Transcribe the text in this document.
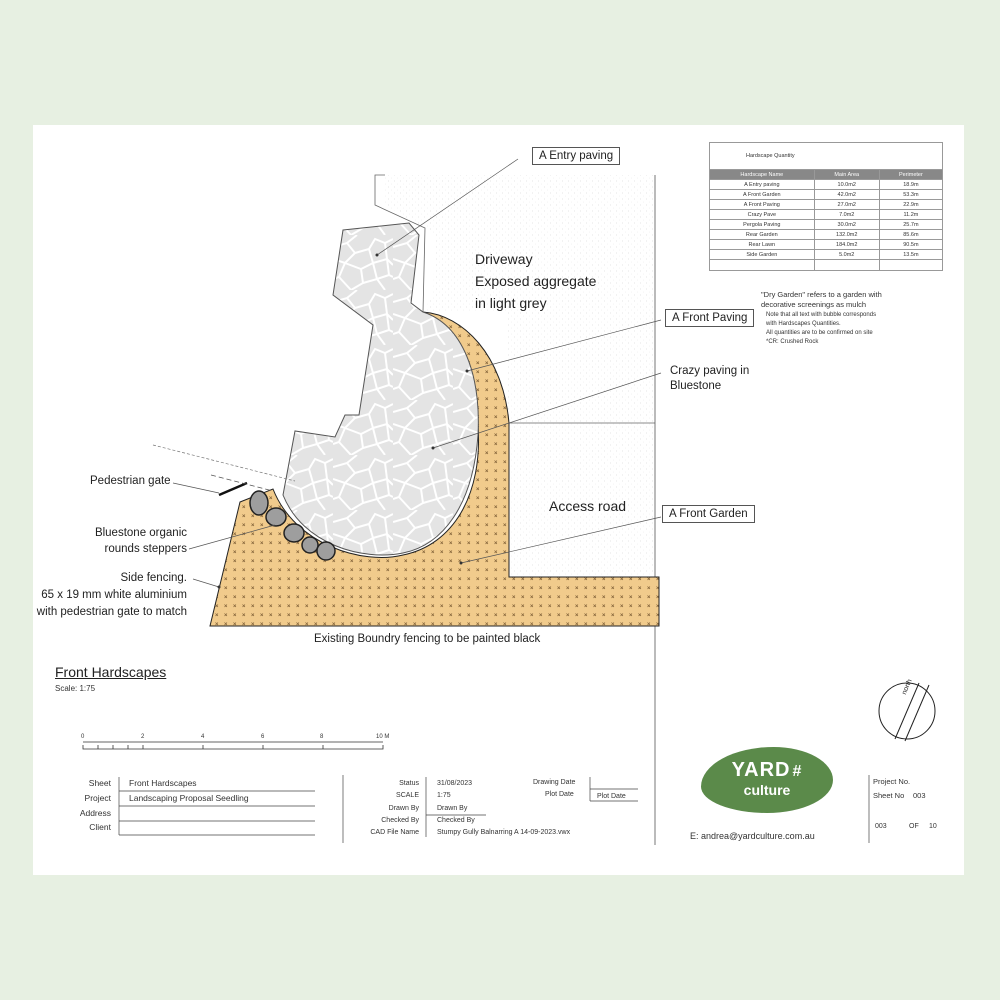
A Entry paving
Driveway
Exposed aggregate
in light grey
A Front Paving
Crazy paving in
Bluestone
Access road	A Front Garden
Pedestrian gate
Bluestone organic
rounds steppers
Side fencing.
65 x 19 mm white aluminium
with pedestrian gate to match
Existing Boundry fencing to be painted black
Front Hardscapes
Scale: 1:75
0	2	4	6	8	10 M
Hardscape Quantity		
Hardscape Name	Main Area	Perimeter
A Entry paving	10.0m2	18.9m
A Front Garden	42.0m2	53.3m
A Front Paving	27.0m2	22.9m
Crazy Pave	7.0m2	11.2m
Pergola Paving	30.0m2	25.7m
Rear Garden	132.0m2	85.6m
Rear Lawn	184.0m2	90.5m
Side Garden	5.0m2	13.5m

"Dry Garden" refers to a garden with
decorative screenings as mulch
Note that all text with bubble corresponds
with Hardscapes Quantities.
All quantities are to be confirmed on site
*CR: Crushed Rock
north
Sheet Front Hardscapes
Project Landscaping Proposal Seedling
Address
Client
Status	31/08/2023
SCALE	1:75
Drawn By	Drawn By
Checked By	Checked By
CAD File Name	Stumpy Gully Balnarring A 14-09-2023.vwx
Drawing Date
Plot Date	Plot Date
YARD #
culture
E: andrea@yardculture.com.au
Project No.
Sheet No 003
003	OF 10
